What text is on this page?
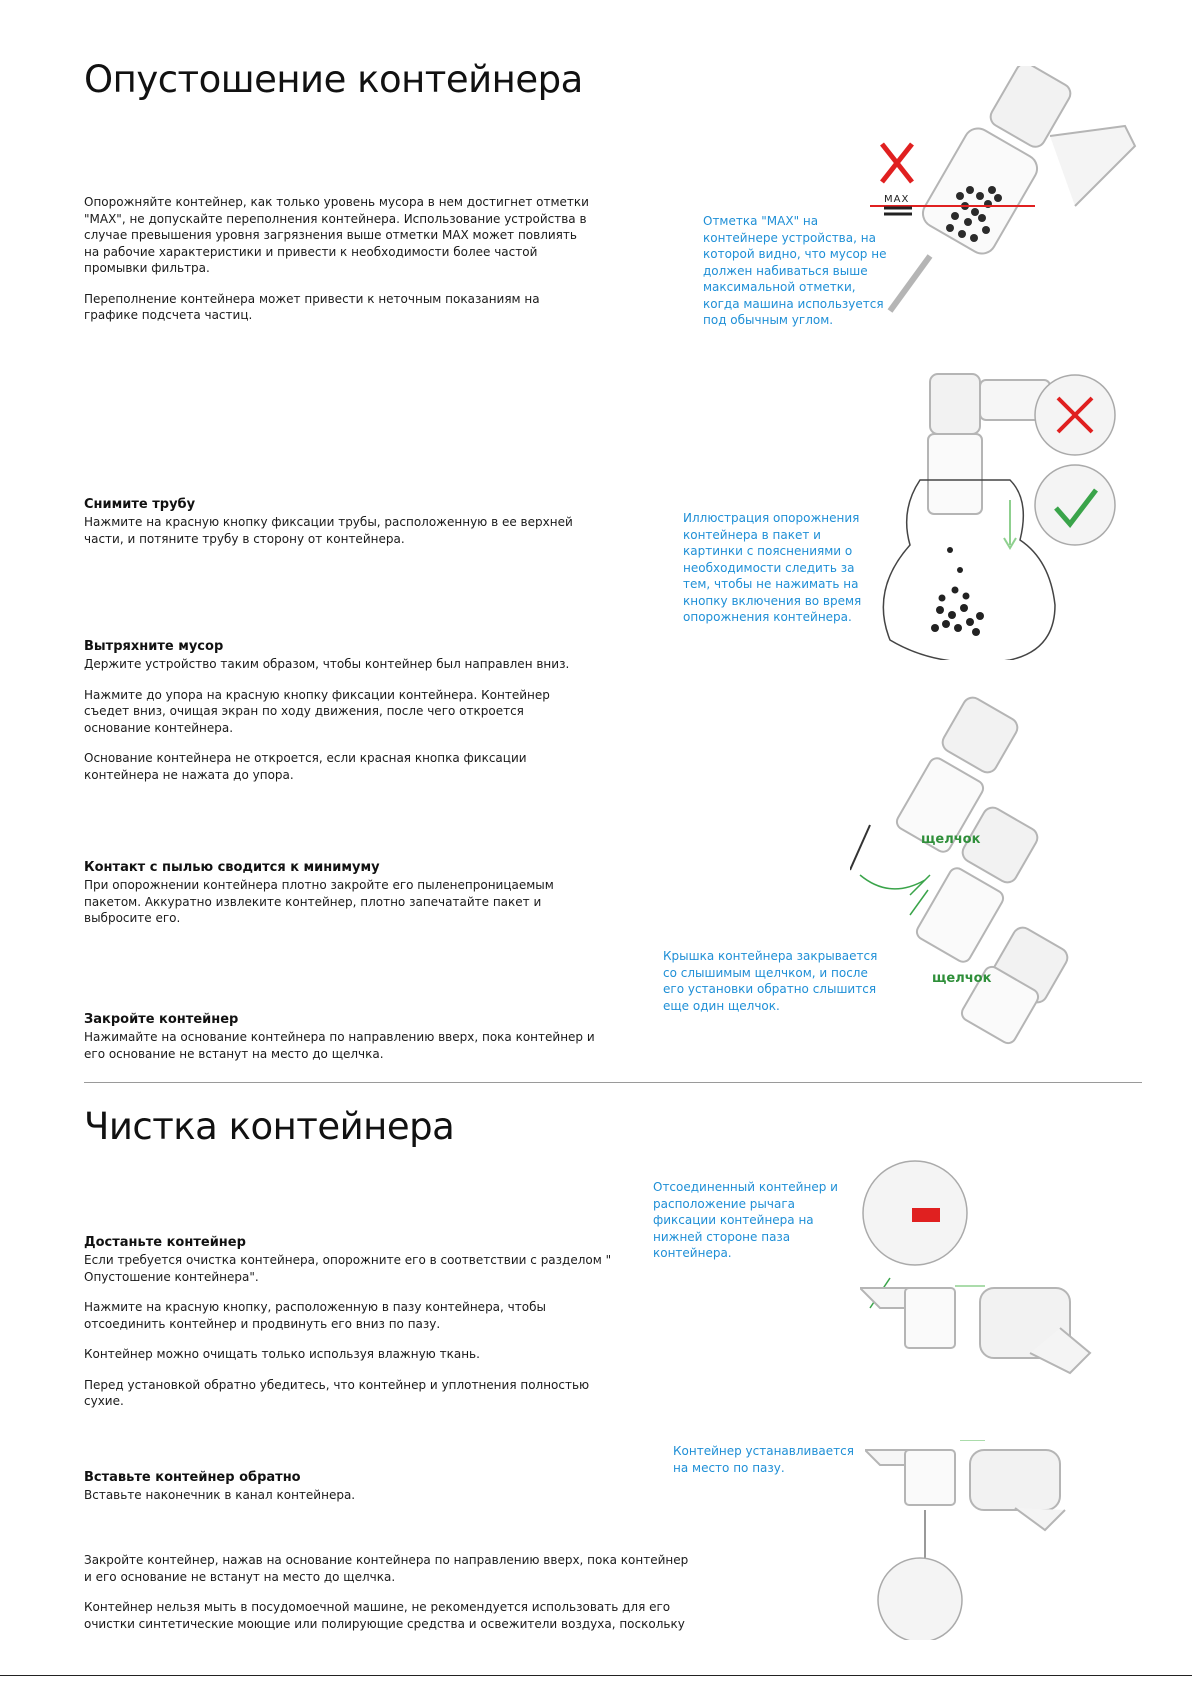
Опустошение контейнера

Опорожняйте контейнер, как только уровень мусора в нем достигнет отметки "MAX", не допускайте переполнения контейнера. Использование устройства в случае превышения уровня загрязнения выше отметки MAX может повлиять на рабочие характеристики и привести к необходимости более частой промывки фильтра.

Переполнение контейнера может привести к неточным показаниям на графике подсчета частиц.

MAX

Отметка "MAX" на контейнере устройства, на которой видно, что мусор не должен набиваться выше максимальной отметки, когда машина используется под обычным углом.

Снимите трубу

Нажмите на красную кнопку фиксации трубы, расположенную в ее верхней части, и потяните трубу в сторону от контейнера.

Иллюстрация опорожнения контейнера в пакет и картинки с пояснениями о необходимости следить за тем, чтобы не нажимать на кнопку включения во время опорожнения контейнера.

Вытряхните мусор

Держите устройство таким образом, чтобы контейнер был направлен вниз.

Нажмите до упора на красную кнопку фиксации контейнера. Контейнер съедет вниз, очищая экран по ходу движения, после чего откроется основание контейнера.

Основание контейнера не откроется, если красная кнопка фиксации контейнера не нажата до упора.

щелчок
щелчок

Крышка контейнера закрывается со слышимым щелчком, и после его установки обратно слышится еще один щелчок.

Контакт с пылью сводится к минимуму

При опорожнении контейнера плотно закройте его пыленепроницаемым пакетом. Аккуратно извлеките контейнер, плотно запечатайте пакет и выбросите его.

Закройте контейнер

Нажимайте на основание контейнера по направлению вверх, пока контейнер и его основание не встанут на место до щелчка.

Чистка контейнера

Отсоединенный контейнер и расположение рычага фиксации контейнера на нижней стороне паза контейнера.

Достаньте контейнер

Если требуется очистка контейнера, опорожните его в соответствии с разделом " Опустошение контейнера".

Нажмите на красную кнопку, расположенную в пазу контейнера, чтобы отсоединить контейнер и продвинуть его вниз по пазу.

Контейнер можно очищать только используя влажную ткань.

Перед установкой обратно убедитесь, что контейнер и уплотнения полностью сухие.

Контейнер устанавливается на место по пазу.

Вставьте контейнер обратно

Вставьте наконечник в канал контейнера.

Закройте контейнер, нажав на основание контейнера по направлению вверх, пока контейнер и его основание не встанут на место до щелчка.

Контейнер нельзя мыть в посудомоечной машине, не рекомендуется использовать для его очистки синтетические моющие или полирующие средства и освежители воздуха, поскольку
